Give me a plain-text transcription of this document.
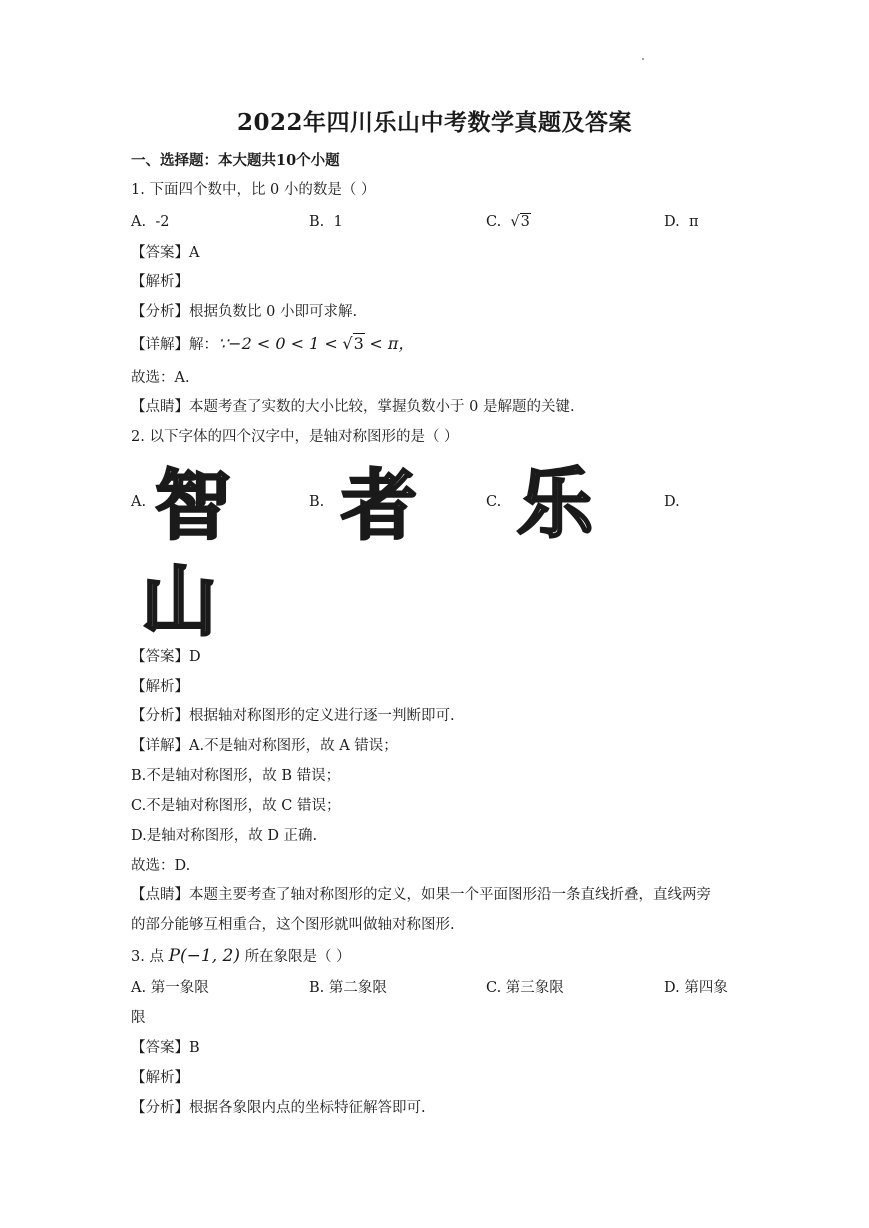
2022年四川乐山中考数学真题及答案
一、选择题：本大题共10个小题
1. 下面四个数中，比 0 小的数是（ ）
A. -2	B. 1	C. √3	D. π
【答案】A
【解析】
【分析】根据负数比 0 小即可求解.
【详解】解：∵−2 < 0 < 1 < √3 < π，
故选：A.
【点睛】本题考查了实数的大小比较，掌握负数小于 0 是解题的关键.
2. 以下字体的四个汉字中，是轴对称图形的是（ ）
A.	B.	C.	D.
智 者 乐
山
【答案】D
【解析】
【分析】根据轴对称图形的定义进行逐一判断即可.
【详解】A.不是轴对称图形，故 A 错误；
B.不是轴对称图形，故 B 错误；
C.不是轴对称图形，故 C 错误；
D.是轴对称图形，故 D 正确.
故选：D.
【点睛】本题主要考查了轴对称图形的定义，如果一个平面图形沿一条直线折叠，直线两旁
的部分能够互相重合，这个图形就叫做轴对称图形.
3. 点 P(−1, 2) 所在象限是（ ）
A. 第一象限	B. 第二象限	C. 第三象限	D. 第四象
限
【答案】B
【解析】
【分析】根据各象限内点的坐标特征解答即可.
